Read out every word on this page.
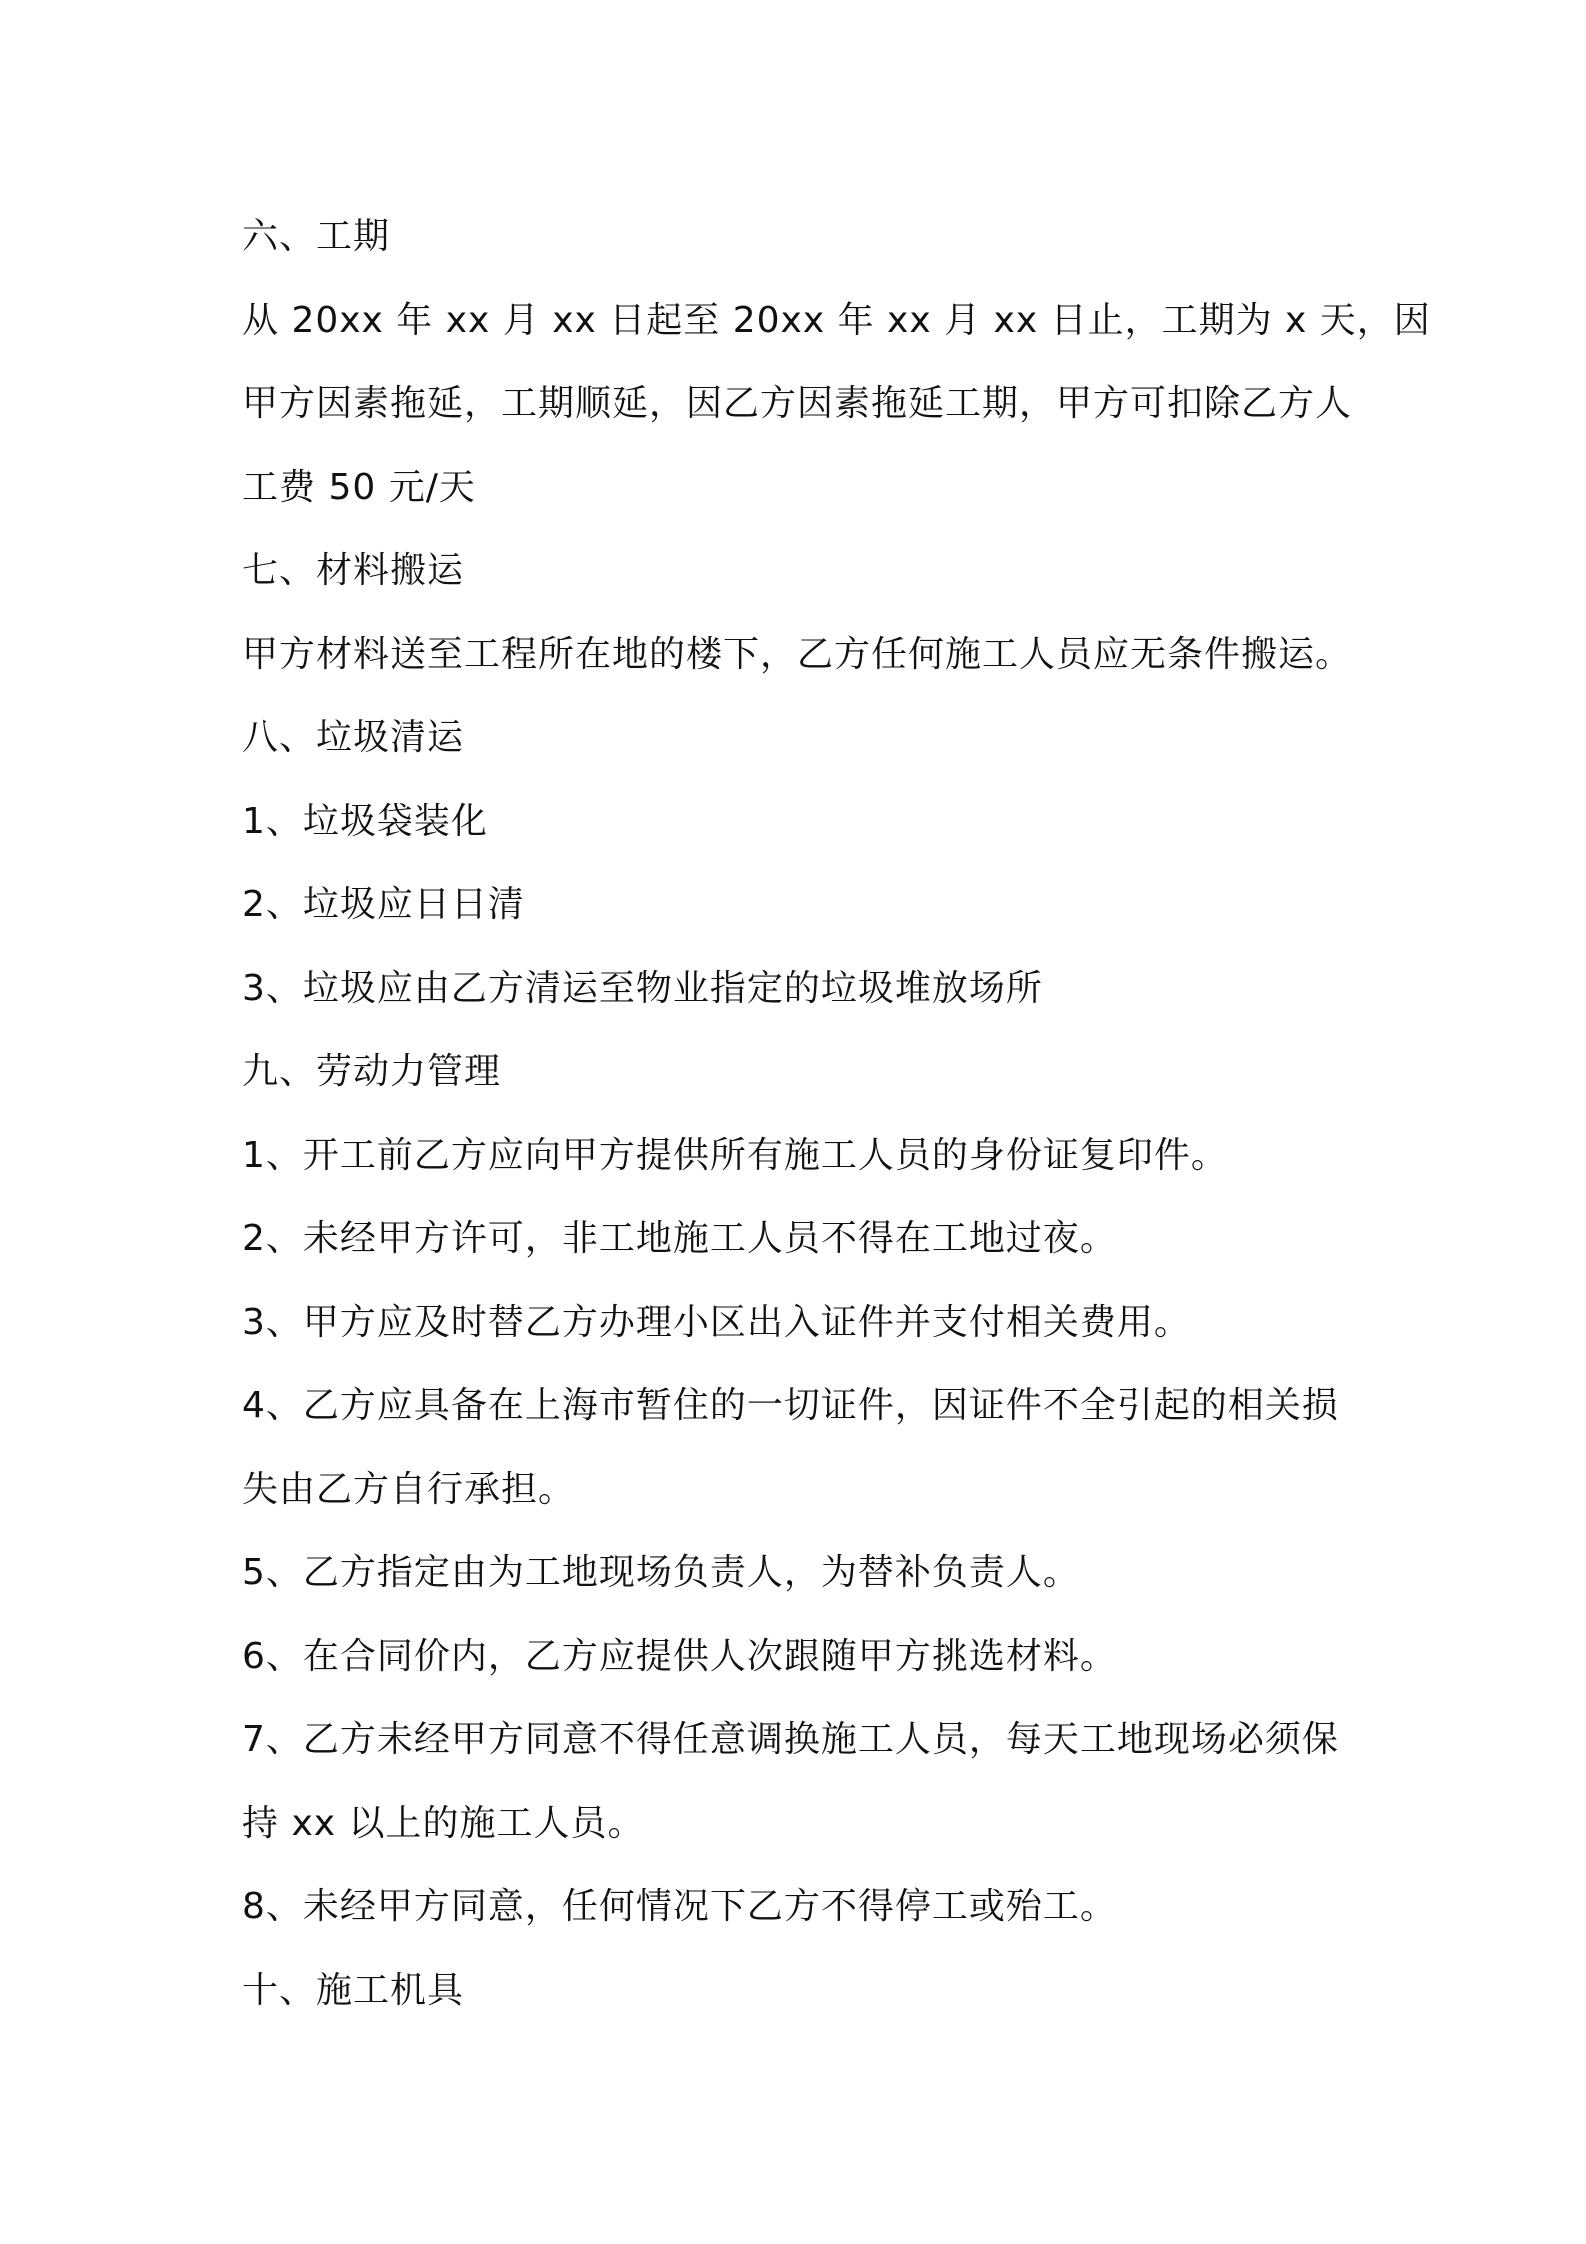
六、工期
从 20xx 年 xx 月 xx 日起至 20xx 年 xx 月 xx 日止，工期为 x 天，因
甲方因素拖延，工期顺延，因乙方因素拖延工期，甲方可扣除乙方人
工费 50 元/天
七、材料搬运
甲方材料送至工程所在地的楼下，乙方任何施工人员应无条件搬运。
八、垃圾清运
1、垃圾袋装化
2、垃圾应日日清
3、垃圾应由乙方清运至物业指定的垃圾堆放场所
九、劳动力管理
1、开工前乙方应向甲方提供所有施工人员的身份证复印件。
2、未经甲方许可，非工地施工人员不得在工地过夜。
3、甲方应及时替乙方办理小区出入证件并支付相关费用。
4、乙方应具备在上海市暂住的一切证件，因证件不全引起的相关损
失由乙方自行承担。
5、乙方指定由为工地现场负责人，为替补负责人。
6、在合同价内，乙方应提供人次跟随甲方挑选材料。
7、乙方未经甲方同意不得任意调换施工人员，每天工地现场必须保
持 xx 以上的施工人员。
8、未经甲方同意，任何情况下乙方不得停工或殆工。
十、施工机具
